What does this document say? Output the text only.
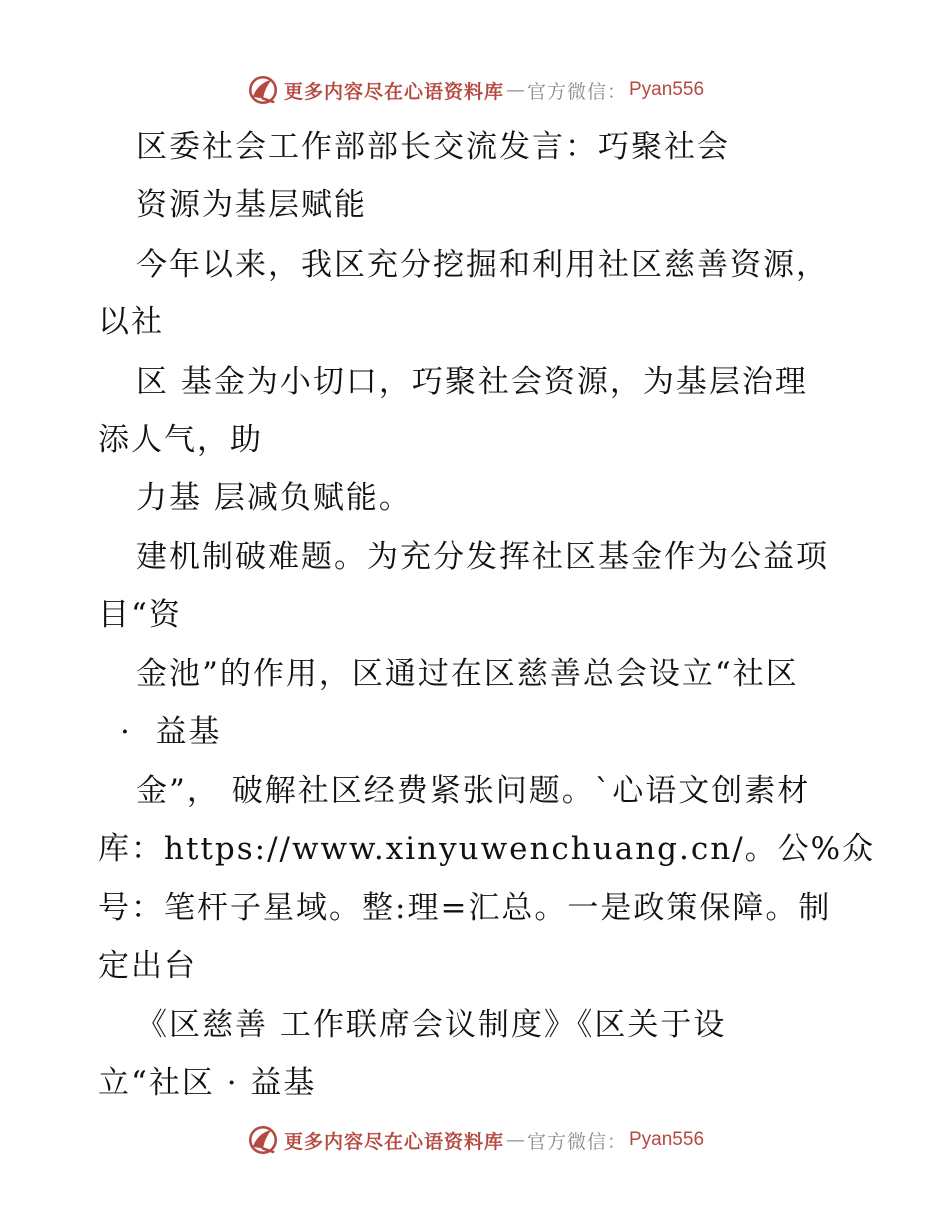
更多内容尽在心语资料库 — 官方微信： Pyan556
区委社会工作部部长交流发言：巧聚社会
资源为基层赋能
今年以来，我区充分挖掘和利用社区慈善资源，
以社
区 基金为小切口，巧聚社会资源，为基层治理
添人气，助
力基 层减负赋能。
建机制破难题。为充分发挥社区基金作为公益项
目“资
金池”的作用，区通过在区慈善总会设立“社区
·  益基
金”， 破解社区经费紧张问题。`心语文创素材
库：https://www.xinyuwenchuang.cn/。公%众
号：笔杆子星域。整:理=汇总。一是政策保障。制
定出台
《区慈善 工作联席会议制度》《区关于设
立“社区 · 益基
更多内容尽在心语资料库 — 官方微信： Pyan556
